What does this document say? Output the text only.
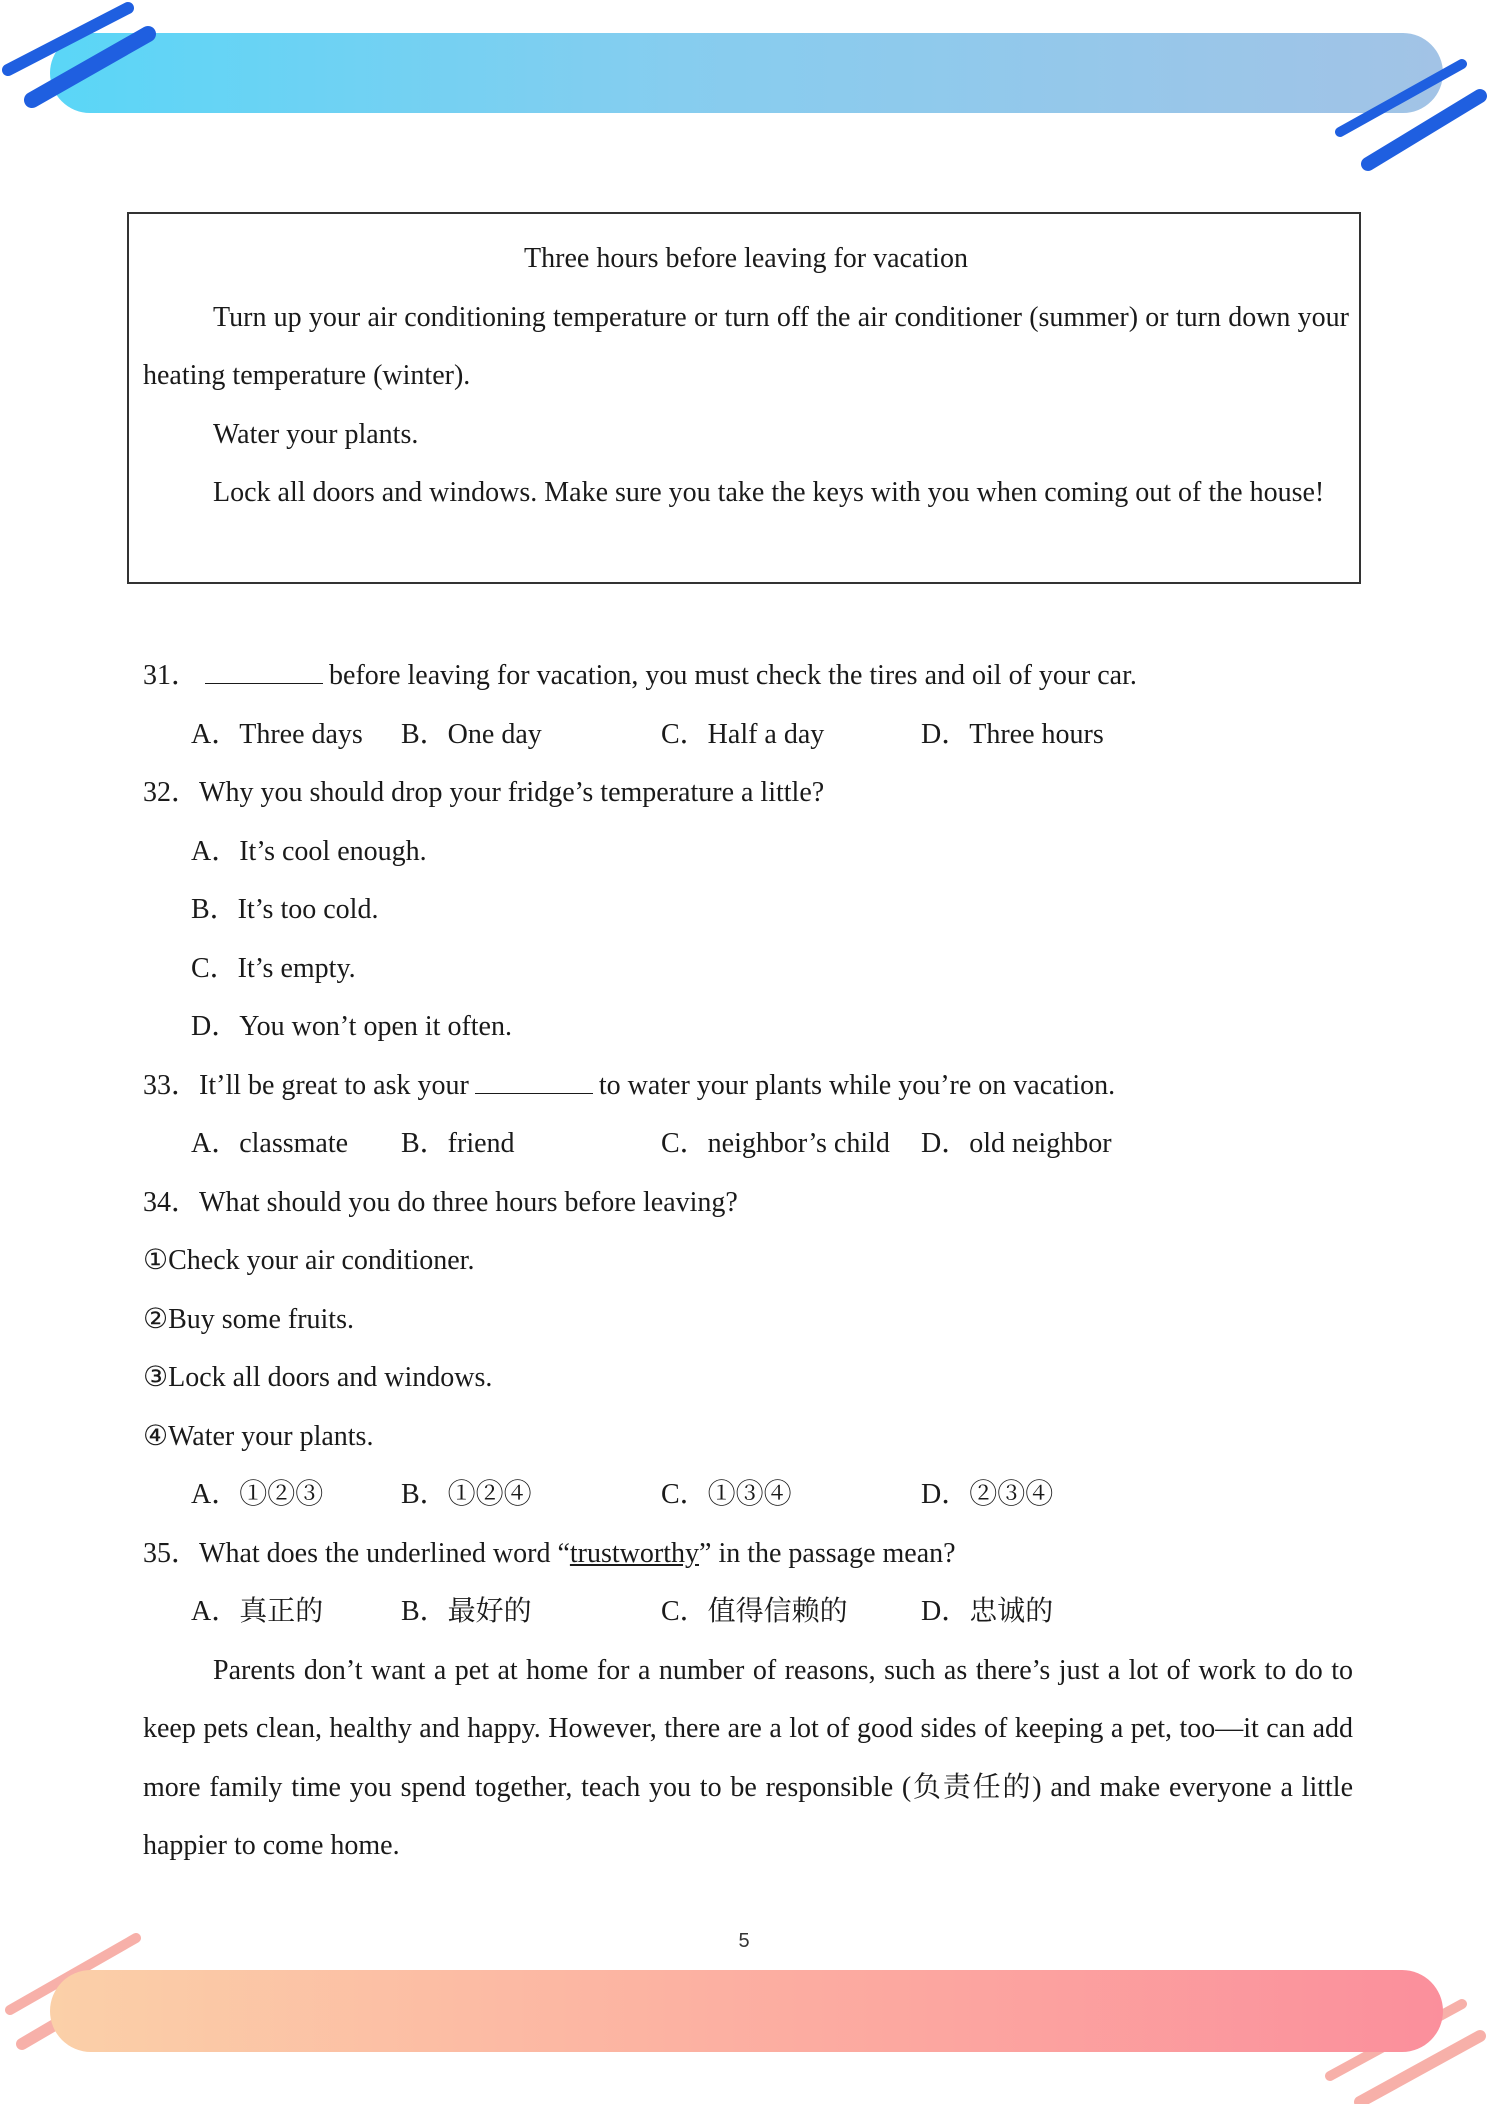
Three hours before leaving for vacation
Turn up your air conditioning temperature or turn off the air conditioner (summer) or turn down your heating temperature (winter).
Water your plants.
Lock all doors and windows. Make sure you take the keys with you when coming out of the house!
31．	before leaving for vacation, you must check the tires and oil of your car.
A．Three days B．One day	C．Half a day	D．Three hours
32．Why you should drop your fridge’s temperature a little?
A．It’s cool enough.
B．It’s too cold.
C．It’s empty.
D．You won’t open it often.
33．It’ll be great to ask your	to water your plants while you’re on vacation.
A．classmate B．friend	C．neighbor’s child D．old neighbor
34．What should you do three hours before leaving?
①Check your air conditioner.
②Buy some fruits.
③Lock all doors and windows.
④Water your plants.
A．①②③	B．①②④	C．①③④	D．②③④
35．What does the underlined word “trustworthy” in the passage mean?
A．真正的	B．最好的	C．值得信赖的	D．忠诚的
Parents don’t want a pet at home for a number of reasons, such as there’s just a lot of work to do to keep pets clean, healthy and happy. However, there are a lot of good sides of keeping a pet, too—it can add more family time you spend together, teach you to be responsible (负责任的) and make everyone a little happier to come home.
5
